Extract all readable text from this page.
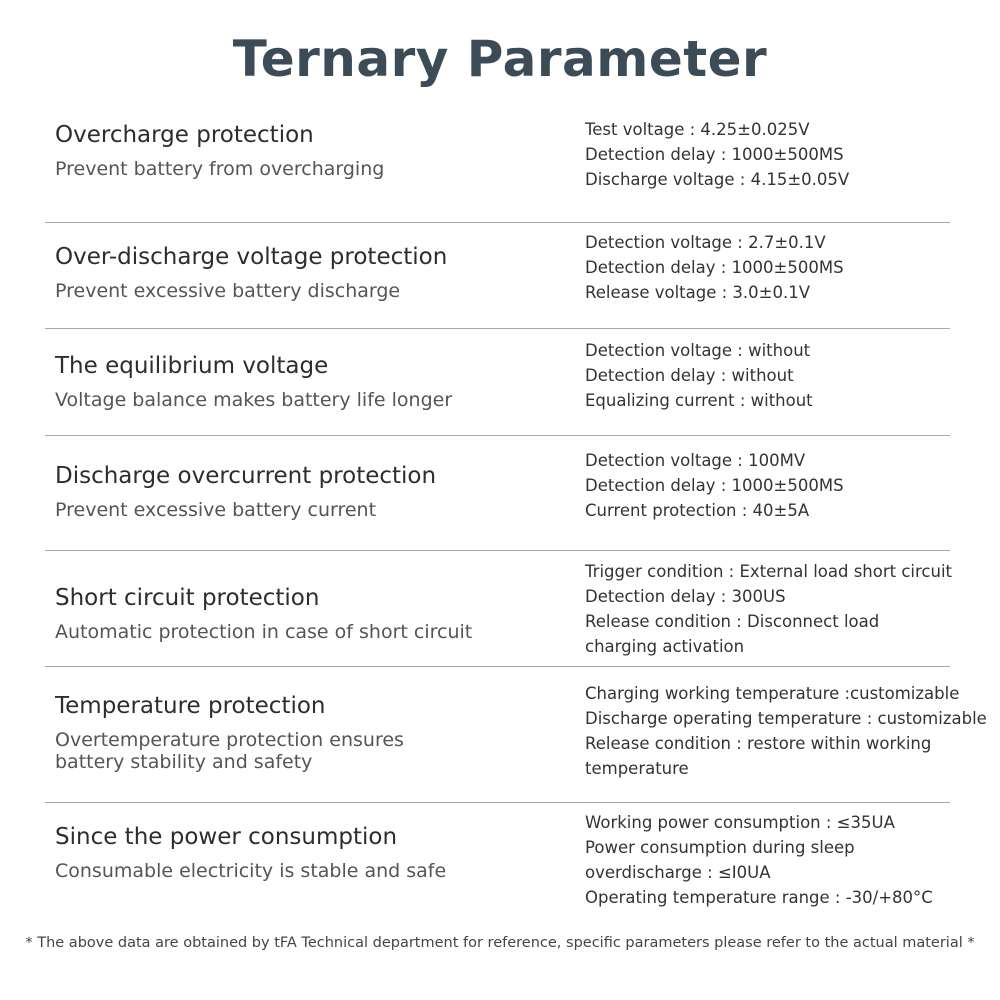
Ternary Parameter
Overcharge protection
Prevent battery from overcharging
Test voltage : 4.25±0.025V
Detection delay : 1000±500MS
Discharge voltage : 4.15±0.05V
Over-discharge voltage protection
Prevent excessive battery discharge
Detection voltage : 2.7±0.1V
Detection delay : 1000±500MS
Release voltage : 3.0±0.1V
The equilibrium voltage
Voltage balance makes battery life longer
Detection voltage : without
Detection delay : without
Equalizing current : without
Discharge overcurrent protection
Prevent excessive battery current
Detection voltage : 100MV
Detection delay : 1000±500MS
Current protection : 40±5A
Short circuit protection
Automatic protection in case of short circuit
Trigger condition : External load short circuit
Detection delay : 300US
Release condition : Disconnect load charging activation
Temperature protection
Overtemperature protection ensures battery stability and safety
Charging working temperature :customizable
Discharge operating temperature : customizable
Release condition : restore within working temperature
Since the power consumption
Consumable electricity is stable and safe
Working power consumption : ≤35UA
Power consumption during sleep overdischarge : ≤I0UA
Operating temperature range : -30/+80°C
* The above data are obtained by tFA Technical department for reference, specific parameters please refer to the actual material *
